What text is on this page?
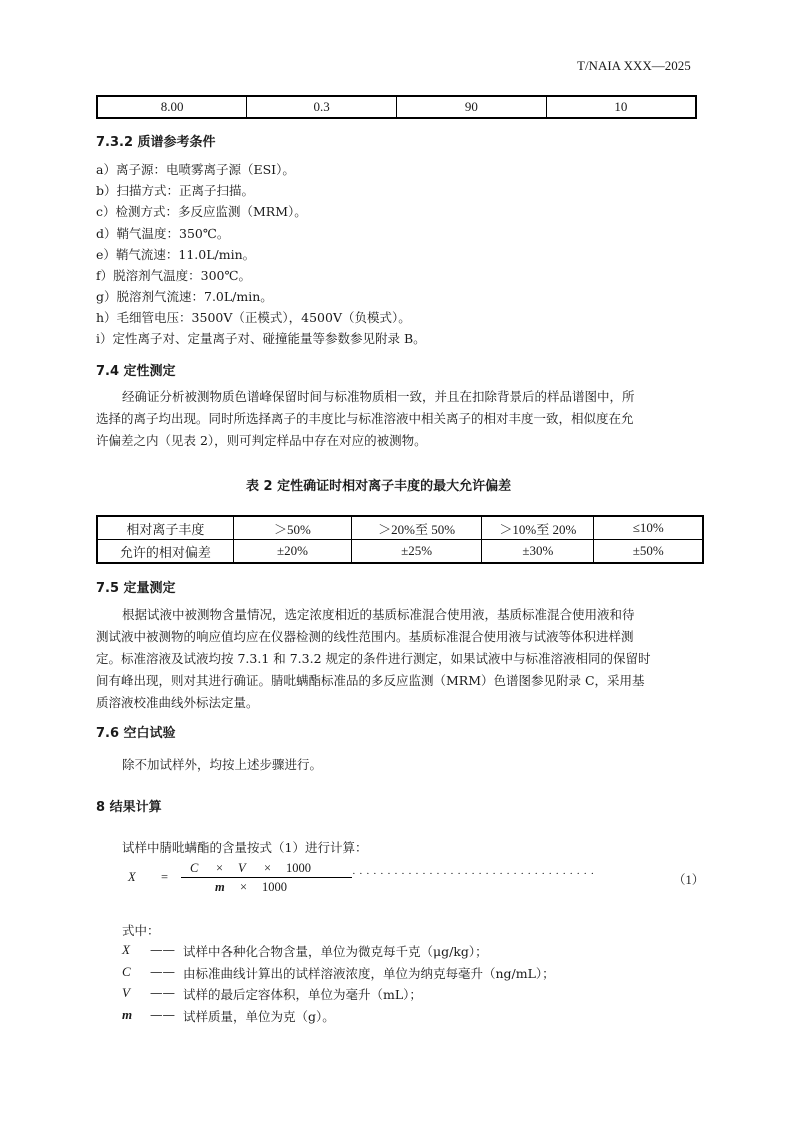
T/NAIA XXX—2025
8.00	0.3	90	10
7.3.2 质谱参考条件
a）离子源：电喷雾离子源（ESI）。
b）扫描方式：正离子扫描。
c）检测方式：多反应监测（MRM）。
d）鞘气温度：350℃。
e）鞘气流速：11.0L/min。
f）脱溶剂气温度：300℃。
g）脱溶剂气流速：7.0L/min。
h）毛细管电压：3500V（正模式），4500V（负模式）。
i）定性离子对、定量离子对、碰撞能量等参数参见附录 B。
7.4 定性测定
经确证分析被测物质色谱峰保留时间与标准物质相一致，并且在扣除背景后的样品谱图中，所
选择的离子均出现。同时所选择离子的丰度比与标准溶液中相关离子的相对丰度一致，相似度在允
许偏差之内（见表 2），则可判定样品中存在对应的被测物。
表 2 定性确证时相对离子丰度的最大允许偏差
相对离子丰度	＞50%	＞20%至 50%	＞10%至 20%	≤10%
允许的相对偏差	±20%	±25%	±30%	±50%
7.5 定量测定
根据试液中被测物含量情况，选定浓度相近的基质标准混合使用液，基质标准混合使用液和待
测试液中被测物的响应值均应在仪器检测的线性范围内。基质标准混合使用液与试液等体积进样测
定。标准溶液及试液均按 7.3.1 和 7.3.2 规定的条件进行测定，如果试液中与标准溶液相同的保留时
间有峰出现，则对其进行确证。腈吡螨酯标准品的多反应监测（MRM）色谱图参见附录 C，采用基
质溶液校准曲线外标法定量。
7.6 空白试验
除不加试样外，均按上述步骤进行。
8 结果计算
试样中腈吡螨酯的含量按式（1）进行计算：
X =
C × V × 1000
m × 1000
· · · · · · · · · · · · · · · · · · · · · · · · · · · · · · · · · · ·	（1）
式中：
X —— 试样中各种化合物含量，单位为微克每千克（μg/kg）；
C —— 由标准曲线计算出的试样溶液浓度，单位为纳克每毫升（ng/mL）；
V —— 试样的最后定容体积，单位为毫升（mL）；
m —— 试样质量，单位为克（g）。
